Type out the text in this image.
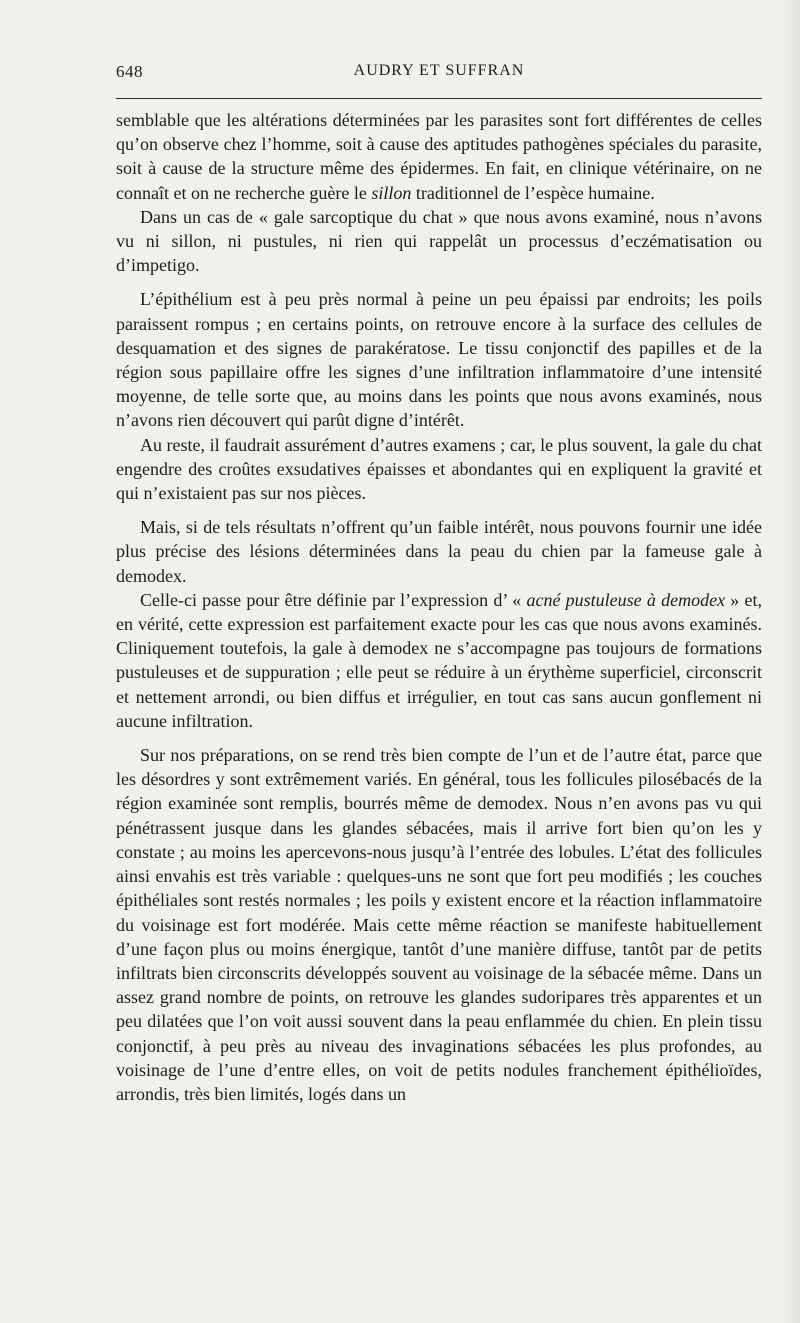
648	AUDRY ET SUFFRAN

semblable que les altérations déterminées par les parasites sont fort différentes de celles qu’on observe chez l’homme, soit à cause des aptitudes pathogènes spéciales du parasite, soit à cause de la structure même des épidermes. En fait, en clinique vétérinaire, on ne connaît et on ne recherche guère le sillon traditionnel de l’espèce humaine.

Dans un cas de « gale sarcoptique du chat » que nous avons examiné, nous n’avons vu ni sillon, ni pustules, ni rien qui rappelât un processus d’eczématisation ou d’impetigo.

L’épithélium est à peu près normal à peine un peu épaissi par endroits; les poils paraissent rompus ; en certains points, on retrouve encore à la surface des cellules de desquamation et des signes de parakératose. Le tissu conjonctif des papilles et de la région sous papillaire offre les signes d’une infiltration inflammatoire d’une intensité moyenne, de telle sorte que, au moins dans les points que nous avons examinés, nous n’avons rien découvert qui parût digne d’intérêt.

Au reste, il faudrait assurément d’autres examens ; car, le plus souvent, la gale du chat engendre des croûtes exsudatives épaisses et abondantes qui en expliquent la gravité et qui n’existaient pas sur nos pièces.

Mais, si de tels résultats n’offrent qu’un faible intérêt, nous pouvons fournir une idée plus précise des lésions déterminées dans la peau du chien par la fameuse gale à demodex.

Celle-ci passe pour être définie par l’expression d’ « acné pustuleuse à demodex » et, en vérité, cette expression est parfaitement exacte pour les cas que nous avons examinés. Cliniquement toutefois, la gale à demodex ne s’accompagne pas toujours de formations pustuleuses et de suppuration ; elle peut se réduire à un érythème superficiel, circonscrit et nettement arrondi, ou bien diffus et irrégulier, en tout cas sans aucun gonflement ni aucune infiltration.

Sur nos préparations, on se rend très bien compte de l’un et de l’autre état, parce que les désordres y sont extrêmement variés. En général, tous les follicules pilosébacés de la région examinée sont remplis, bourrés même de demodex. Nous n’en avons pas vu qui pénétrassent jusque dans les glandes sébacées, mais il arrive fort bien qu’on les y constate ; au moins les apercevons-nous jusqu’à l’entrée des lobules. L’état des follicules ainsi envahis est très variable : quelques-uns ne sont que fort peu modifiés ; les couches épithéliales sont restés normales ; les poils y existent encore et la réaction inflammatoire du voisinage est fort modérée. Mais cette même réaction se manifeste habituellement d’une façon plus ou moins énergique, tantôt d’une manière diffuse, tantôt par de petits infiltrats bien circonscrits développés souvent au voisinage de la sébacée même. Dans un assez grand nombre de points, on retrouve les glandes sudoripares très apparentes et un peu dilatées que l’on voit aussi souvent dans la peau enflammée du chien. En plein tissu conjonctif, à peu près au niveau des invaginations sébacées les plus profondes, au voisinage de l’une d’entre elles, on voit de petits nodules franchement épithélioïdes, arrondis, très bien limités, logés dans un
